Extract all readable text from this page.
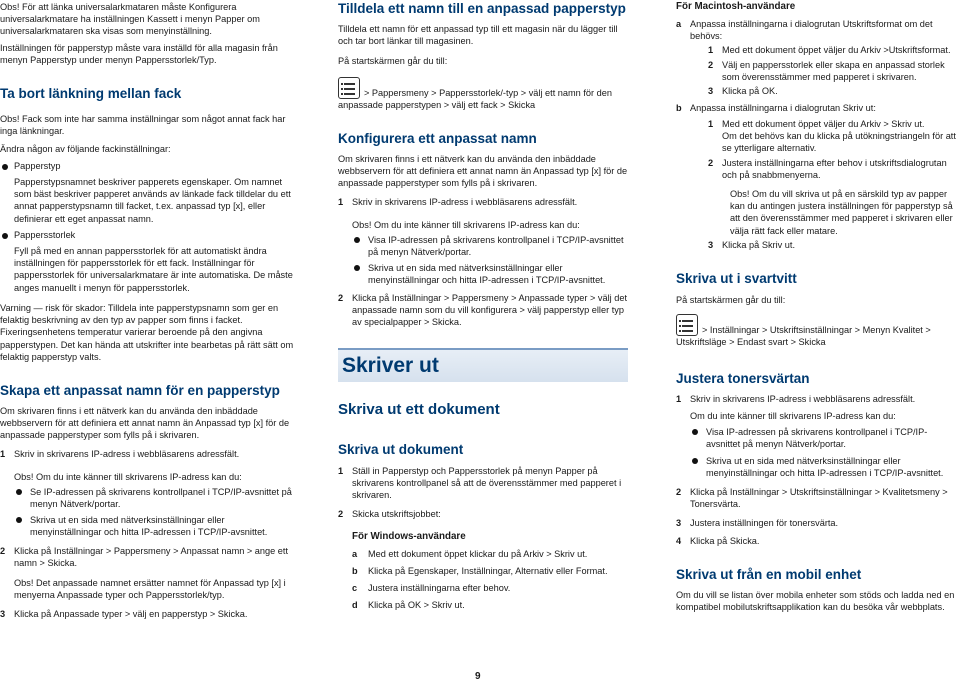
Obs! För att länka universalarkmataren måste Konfigurera universalarkmatare ha inställningen Kassett i menyn Papper om universalarkmataren ska visas som menyinställning.

Inställningen för papperstyp måste vara inställd för alla magasin från menyn Papperstyp under menyn Pappersstorlek/Typ.

Ta bort länkning mellan fack

Obs! Fack som inte har samma inställningar som något annat fack har inga länkningar.

Ändra någon av följande fackinställningar:

Papperstyp

Papperstypsnamnet beskriver papperets egenskaper. Om namnet som bäst beskriver papperet används av länkade fack tilldelar du ett annat papperstypsnamn till facket, t.ex. anpassad typ [x], eller definierar ett eget anpassat namn.

Pappersstorlek

Fyll på med en annan pappersstorlek för att automatiskt ändra inställningen för pappersstorlek för ett fack. Inställningar för pappersstorlek för universalarkmatare är inte automatiska. De måste anges manuellt i menyn för pappersstorlek.

Varning — risk för skador: Tilldela inte papperstypsnamn som ger en felaktig beskrivning av den typ av papper som finns i facket. Fixeringsenhetens temperatur varierar beroende på den angivna papperstypen. Det kan hända att utskrifter inte bearbetas på rätt sätt om felaktig papperstyp valts.

Skapa ett anpassat namn för en papperstyp

Om skrivaren finns i ett nätverk kan du använda den inbäddade webbservern för att definiera ett annat namn än Anpassad typ [x] för de anpassade papperstyper som fylls på i skrivaren.

1 Skriv in skrivarens IP-adress i webbläsarens adressfält.

Obs! Om du inte känner till skrivarens IP-adress kan du:

Se IP-adressen på skrivarens kontrollpanel i TCP/IP-avsnittet på menyn Nätverk/portar.

Skriva ut en sida med nätverksinställningar eller menyinställningar och hitta IP-adressen i TCP/IP-avsnittet.

2 Klicka på Inställningar > Pappersmeny > Anpassat namn > ange ett namn > Skicka.

Obs! Det anpassade namnet ersätter namnet för Anpassad typ [x] i menyerna Anpassade typer och Pappersstorlek/typ.

3 Klicka på Anpassade typer > välj en papperstyp > Skicka.

Tilldela ett namn till en anpassad papperstyp

Tilldela ett namn för ett anpassad typ till ett magasin när du lägger till och tar bort länkar till magasinen.

På startskärmen går du till:

> Pappersmeny > Pappersstorlek/-typ > välj ett namn för den anpassade papperstypen > välj ett fack > Skicka

Konfigurera ett anpassat namn

Om skrivaren finns i ett nätverk kan du använda den inbäddade webbservern för att definiera ett annat namn än Anpassad typ [x] för de anpassade papperstyper som fylls på i skrivaren.

1 Skriv in skrivarens IP-adress i webbläsarens adressfält.

Obs! Om du inte känner till skrivarens IP-adress kan du:

Visa IP-adressen på skrivarens kontrollpanel i TCP/IP-avsnittet på menyn Nätverk/portar.

Skriva ut en sida med nätverksinställningar eller menyinställningar och hitta IP-adressen i TCP/IP-avsnittet.

2 Klicka på Inställningar > Pappersmeny > Anpassade typer > välj det anpassade namn som du vill konfigurera > välj papperstyp eller typ av specialpapper > Skicka.

Skriver ut
Skriva ut ett dokument
Skriva ut dokument
1 Ställ in Papperstyp och Pappersstorlek på menyn Papper på skrivarens kontrollpanel så att de överensstämmer med papperet i skrivaren.

2 Skicka utskriftsjobbet:

För Windows-användare
a	Med ett dokument öppet klickar du på Arkiv > Skriv ut.

b	Klicka på Egenskaper, Inställningar, Alternativ eller Format.

c	Justera inställningarna efter behov.

d	Klicka på OK > Skriv ut.

För Macintosh-användare
a Anpassa inställningarna i dialogrutan Utskriftsformat om det behövs:

1 Med ett dokument öppet väljer du Arkiv >Utskriftsformat.

2 Välj en pappersstorlek eller skapa en anpassad storlek som överensstämmer med papperet i skrivaren.

3 Klicka på OK.

b Anpassa inställningarna i dialogrutan Skriv ut:

1 Med ett dokument öppet väljer du Arkiv > Skriv ut.

Om det behövs kan du klicka på utökningstriangeln för att se ytterligare alternativ.

2 Justera inställningarna efter behov i utskriftsdialogrutan och på snabbmenyerna.

Obs! Om du vill skriva ut på en särskild typ av papper kan du antingen justera inställningen för papperstyp så att den överensstämmer med papperet i skrivaren eller välja rätt fack eller matare.

3 Klicka på Skriv ut.

Skriva ut i svartvitt

På startskärmen går du till:

> Inställningar > Utskriftsinställningar > Menyn Kvalitet > Utskriftsläge > Endast svart > Skicka

Justera tonersvärtan
1 Skriv in skrivarens IP-adress i webbläsarens adressfält.

Om du inte känner till skrivarens IP-adress kan du:

Visa IP-adressen på skrivarens kontrollpanel i TCP/IP-avsnittet på menyn Nätverk/portar.

Skriva ut en sida med nätverksinställningar eller menyinställningar och hitta IP-adressen i TCP/IP-avsnittet.

2 Klicka på Inställningar > Utskriftsinställningar > Kvalitetsmeny > Tonersvärta.

3 Justera inställningen för tonersvärta.

4 Klicka på Skicka.

Skriva ut från en mobil enhet

Om du vill se listan över mobila enheter som stöds och ladda ned en kompatibel mobilutskriftsapplikation kan du besöka vår webbplats.

9
